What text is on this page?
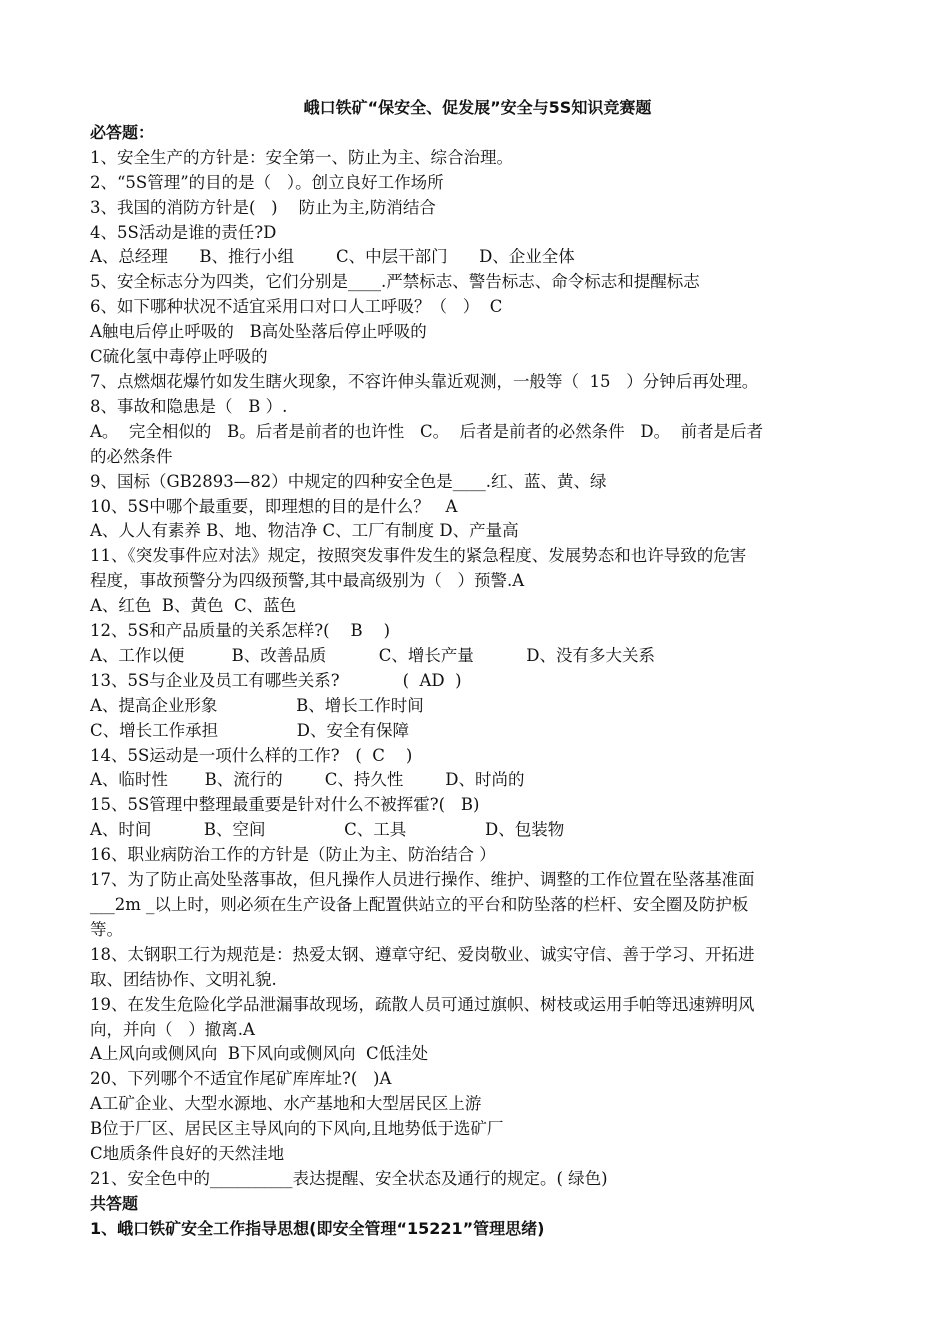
峨口铁矿“保安全、促发展”安全与5S知识竞赛题
必答题：
1、安全生产的方针是：安全第一、防止为主、综合治理。
2、“5S管理”的目的是（   ）。创立良好工作场所
3、我国的消防方针是(   )    防止为主,防消结合
4、5S活动是谁的责任?D
A、总经理      B、推行小组        C、中层干部门      D、企业全体
5、安全标志分为四类，它们分别是____.严禁标志、警告标志、命令标志和提醒标志
6、如下哪种状况不适宜采用口对口人工呼吸？（   ）  C
A触电后停止呼吸的   B高处坠落后停止呼吸的
C硫化氢中毒停止呼吸的
7、点燃烟花爆竹如发生瞎火现象，不容许伸头靠近观测，一般等（  15   ）分钟后再处理。
8、事故和隐患是（   B ）.
A。  完全相似的   B。后者是前者的也许性   C。  后者是前者的必然条件   D。  前者是后者
的必然条件
9、国标（GB2893—82）中规定的四种安全色是____.红、蓝、黄、绿
10、5S中哪个最重要，即理想的目的是什么？   A
A、人人有素养 B、地、物洁净 C、工厂有制度 D、产量高
11、《突发事件应对法》规定，按照突发事件发生的紧急程度、发展势态和也许导致的危害
程度，事故预警分为四级预警,其中最高级别为（   ）预警.A
A、红色  B、黄色  C、蓝色
12、5S和产品质量的关系怎样?(    B    )
A、工作以便         B、改善品质          C、增长产量          D、没有多大关系
13、5S与企业及员工有哪些关系?            (  AD  )
A、提高企业形象               B、增长工作时间
C、增长工作承担               D、安全有保障
14、5S运动是一项什么样的工作?   (  C    )
A、临时性       B、流行的        C、持久性        D、时尚的
15、5S管理中整理最重要是针对什么不被挥霍?(   B)
A、时间          B、空间               C、工具               D、包装物
16、职业病防治工作的方针是（防止为主、防治结合 ）
17、为了防止高处坠落事故，但凡操作人员进行操作、维护、调整的工作位置在坠落基准面
___2m _以上时，则必须在生产设备上配置供站立的平台和防坠落的栏杆、安全圈及防护板
等。
18、太钢职工行为规范是：热爱太钢、遵章守纪、爱岗敬业、诚实守信、善于学习、开拓进
取、团结协作、文明礼貌.
19、在发生危险化学品泄漏事故现场，疏散人员可通过旗帜、树枝或运用手帕等迅速辨明风
向，并向（   ）撤离.A
A上风向或侧风向  B下风向或侧风向  C低洼处
20、下列哪个不适宜作尾矿库库址?(   )A
A工矿企业、大型水源地、水产基地和大型居民区上游
B位于厂区、居民区主导风向的下风向,且地势低于选矿厂
C地质条件良好的天然洼地
21、安全色中的__________表达提醒、安全状态及通行的规定。( 绿色)
共答题
1、峨口铁矿安全工作指导思想(即安全管理“15221”管理思绪)
